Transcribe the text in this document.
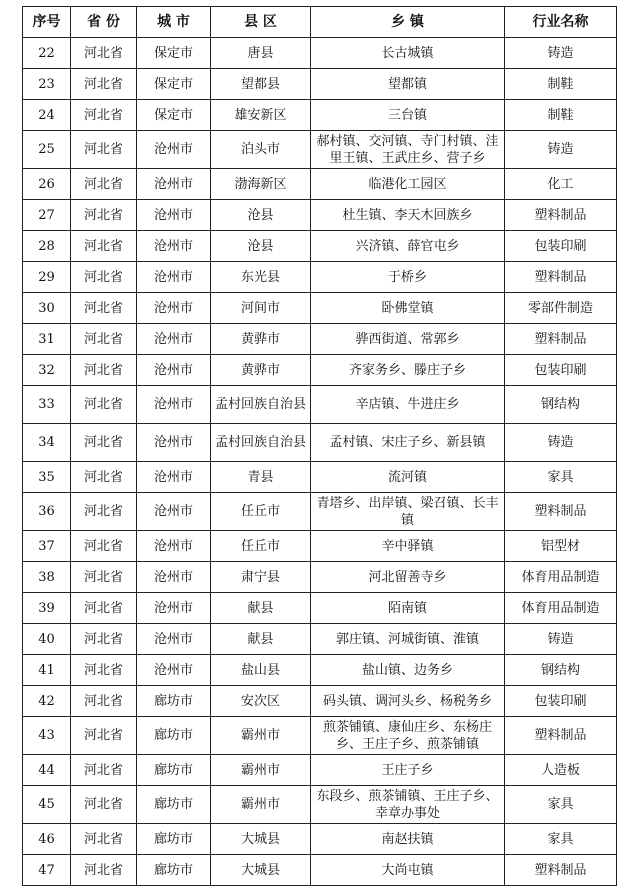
序号	省 份	城 市	县 区	乡 镇	行业名称
22	河北省	保定市	唐县	长古城镇	铸造
23	河北省	保定市	望都县	望都镇	制鞋
24	河北省	保定市	雄安新区	三台镇	制鞋
25	河北省	沧州市	泊头市	郝村镇、交河镇、寺门村镇、洼里王镇、王武庄乡、营子乡	铸造
26	河北省	沧州市	渤海新区	临港化工园区	化工
27	河北省	沧州市	沧县	杜生镇、李天木回族乡	塑料制品
28	河北省	沧州市	沧县	兴济镇、薛官屯乡	包装印刷
29	河北省	沧州市	东光县	于桥乡	塑料制品
30	河北省	沧州市	河间市	卧佛堂镇	零部件制造
31	河北省	沧州市	黄骅市	骅西街道、常郭乡	塑料制品
32	河北省	沧州市	黄骅市	齐家务乡、滕庄子乡	包装印刷
33	河北省	沧州市	孟村回族自治县	辛店镇、牛进庄乡	钢结构
34	河北省	沧州市	孟村回族自治县	孟村镇、宋庄子乡、新县镇	铸造
35	河北省	沧州市	青县	流河镇	家具
36	河北省	沧州市	任丘市	青塔乡、出岸镇、梁召镇、长丰镇	塑料制品
37	河北省	沧州市	任丘市	辛中驿镇	铝型材
38	河北省	沧州市	肃宁县	河北留善寺乡	体育用品制造
39	河北省	沧州市	献县	陌南镇	体育用品制造
40	河北省	沧州市	献县	郭庄镇、河城街镇、淮镇	铸造
41	河北省	沧州市	盐山县	盐山镇、边务乡	钢结构
42	河北省	廊坊市	安次区	码头镇、调河头乡、杨税务乡	包装印刷
43	河北省	廊坊市	霸州市	煎茶铺镇、康仙庄乡、东杨庄乡、王庄子乡、煎茶铺镇	塑料制品
44	河北省	廊坊市	霸州市	王庄子乡	人造板
45	河北省	廊坊市	霸州市	东段乡、煎茶铺镇、王庄子乡、幸章办事处	家具
46	河北省	廊坊市	大城县	南赵扶镇	家具
47	河北省	廊坊市	大城县	大尚屯镇	塑料制品
